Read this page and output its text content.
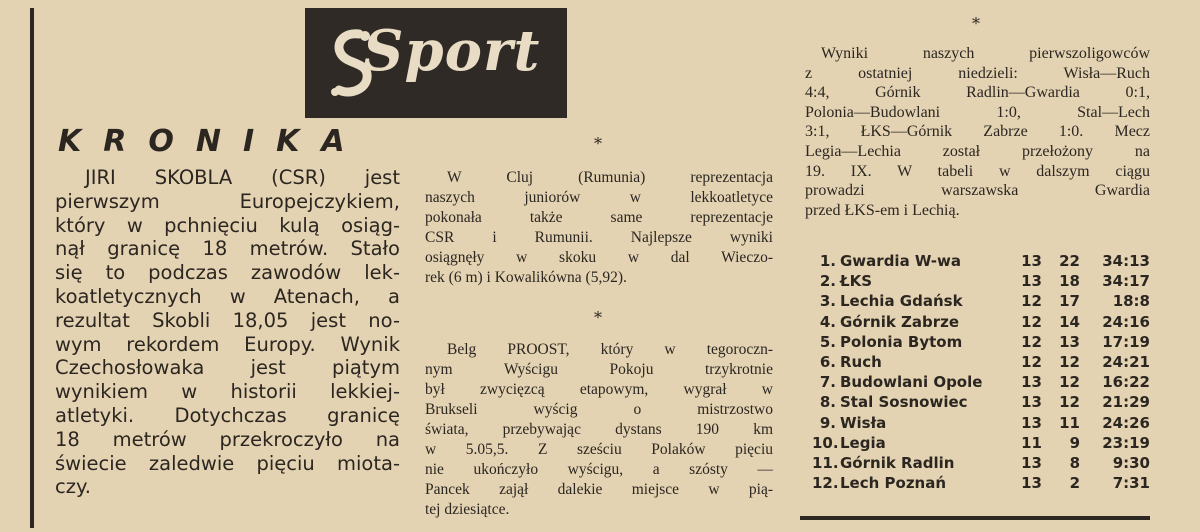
Sport
KRONIKA
JIRI SKOBLA (CSR) jest
pierwszym Europejczykiem,
który w pchnięciu kulą osiąg-
nął granicę 18 metrów. Stało
się to podczas zawodów lek-
koatletycznych w Atenach, a
rezultat Skobli 18,05 jest no-
wym rekordem Europy. Wynik
Czechosłowaka jest piątym
wynikiem w historii lekkiej-
atletyki. Dotychczas granicę
18 metrów przekroczyło na
świecie zaledwie pięciu miota-
czy.
*
W Cluj (Rumunia) reprezentacja
naszych juniorów w lekkoatletyce
pokonała także same reprezentacje
CSR i Rumunii. Najlepsze wyniki
osiągnęły w skoku w dal Wieczo-
rek (6 m) i Kowalikówna (5,92).
*
Belg PROOST, który w tegoroczn-
nym Wyścigu Pokoju trzykrotnie
był zwycięzcą etapowym, wygrał w
Brukseli wyścig o mistrzostwo
świata, przebywając dystans 190 km
w 5.05,5. Z sześciu Polaków pięciu
nie ukończyło wyścigu, a szósty —
Pancek zajął dalekie miejsce w pią-
tej dziesiątce.
*
Wyniki naszych pierwszoligowców
z ostatniej niedzieli: Wisła—Ruch
4:4, Górnik Radlin—Gwardia 0:1,
Polonia—Budowlani 1:0, Stal—Lech
3:1, ŁKS—Górnik Zabrze 1:0. Mecz
Legia—Lechia został przełożony na
19. IX. W tabeli w dalszym ciągu
prowadzi warszawska Gwardia
przed ŁKS-em i Lechią.
1. Gwardia W-wa	13	22	34:13
2. ŁKS	13	18	34:17
3. Lechia Gdańsk	12	17	18:8
4. Górnik Zabrze	12	14	24:16
5. Polonia Bytom	12	13	17:19
6. Ruch	12	12	24:21
7. Budowlani Opole	13	12	16:22
8. Stal Sosnowiec	13	12	21:29
9. Wisła	13	11	24:26
10. Legia	11	9	23:19
11. Górnik Radlin	13	8	9:30
12. Lech Poznań	13	2	7:31
